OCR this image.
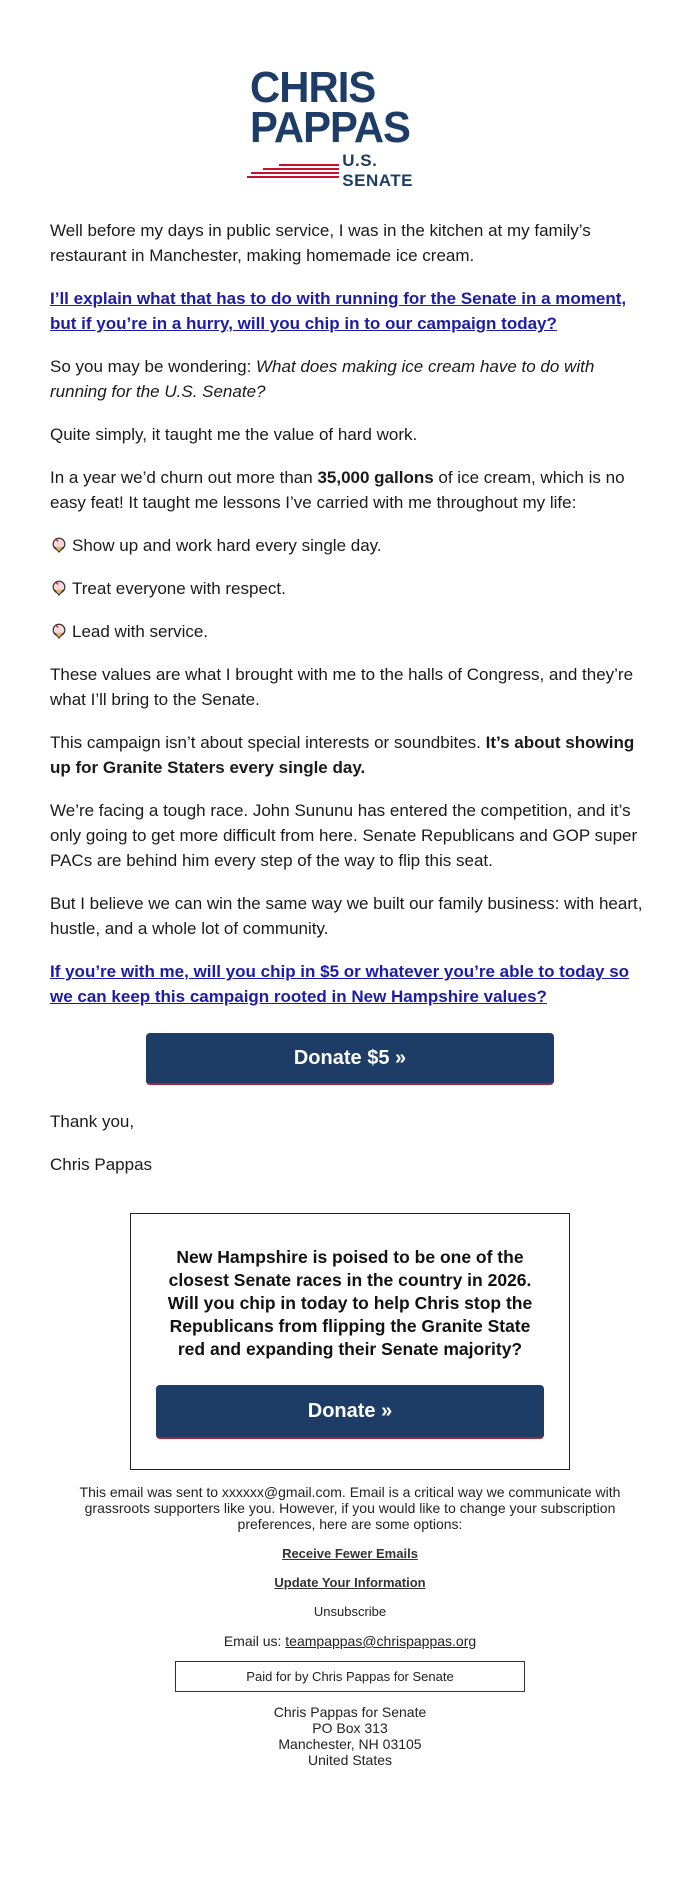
CHRIS
PAPPAS
U.S. SENATE

Well before my days in public service, I was in the kitchen at my family’s restaurant in Manchester, making homemade ice cream.

I’ll explain what that has to do with running for the Senate in a moment, but if you’re in a hurry, will you chip in to our campaign today?

So you may be wondering: What does making ice cream have to do with running for the U.S. Senate?

Quite simply, it taught me the value of hard work.

In a year we’d churn out more than 35,000 gallons of ice cream, which is no easy feat! It taught me lessons I’ve carried with me throughout my life:

Show up and work hard every single day.

Treat everyone with respect.

Lead with service.

These values are what I brought with me to the halls of Congress, and they’re what I’ll bring to the Senate.

This campaign isn’t about special interests or soundbites. It’s about showing up for Granite Staters every single day.

We’re facing a tough race. John Sununu has entered the competition, and it’s only going to get more difficult from here. Senate Republicans and GOP super PACs are behind him every step of the way to flip this seat.

But I believe we can win the same way we built our family business: with heart, hustle, and a whole lot of community.

If you’re with me, will you chip in $5 or whatever you’re able to today so we can keep this campaign rooted in New Hampshire values?

Donate $5 »

Thank you,

Chris Pappas

New Hampshire is poised to be one of the closest Senate races in the country in 2026. Will you chip in today to help Chris stop the Republicans from flipping the Granite State red and expanding their Senate majority?

Donate »
This email was sent to xxxxxx@gmail.com. Email is a critical way we communicate with grassroots supporters like you. However, if you would like to change your subscription preferences, here are some options:
Receive Fewer Emails
Update Your Information
Unsubscribe
Email us: teampappas@chrispappas.org
Paid for by Chris Pappas for Senate
Chris Pappas for Senate
PO Box 313
Manchester, NH 03105
United States
